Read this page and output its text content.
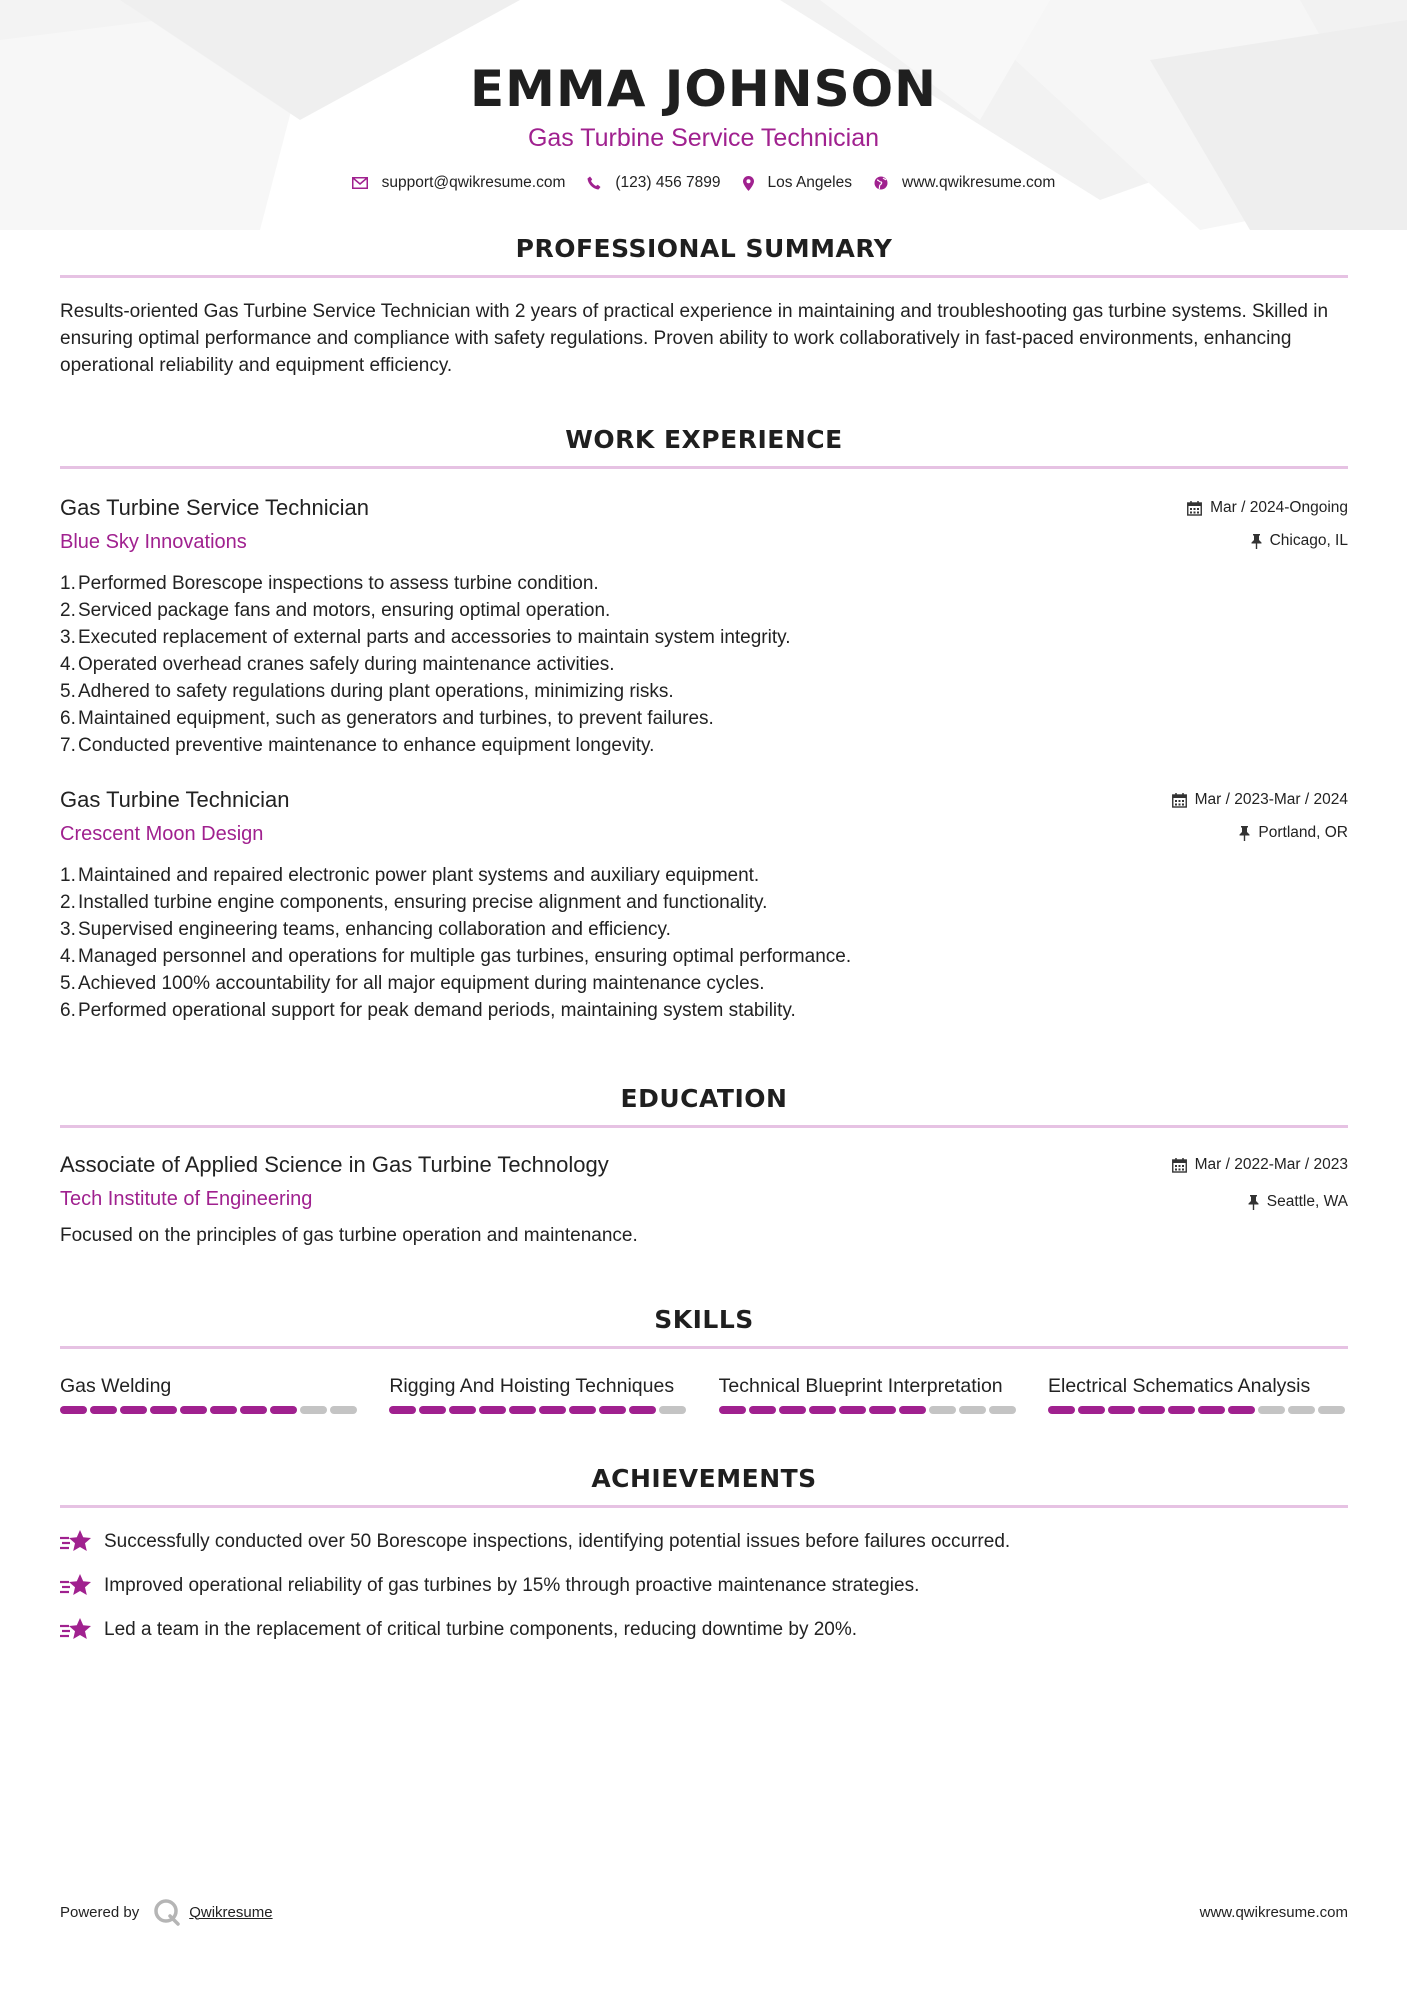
EMMA JOHNSON
Gas Turbine Service Technician
support@qwikresume.com	(123) 456 7899	Los Angeles	www.qwikresume.com
PROFESSIONAL SUMMARY

Results-oriented Gas Turbine Service Technician with 2 years of practical experience in maintaining and troubleshooting gas turbine systems. Skilled in ensuring optimal performance and compliance with safety regulations. Proven ability to work collaboratively in fast-paced environments, enhancing operational reliability and equipment efficiency.

WORK EXPERIENCE
Gas Turbine Service Technician
Blue Sky Innovations
Mar / 2024-Ongoing
Chicago, IL
1. Performed Borescope inspections to assess turbine condition.
2. Serviced package fans and motors, ensuring optimal operation.
3. Executed replacement of external parts and accessories to maintain system integrity.
4. Operated overhead cranes safely during maintenance activities.
5. Adhered to safety regulations during plant operations, minimizing risks.
6. Maintained equipment, such as generators and turbines, to prevent failures.
7. Conducted preventive maintenance to enhance equipment longevity.
Gas Turbine Technician
Crescent Moon Design
Mar / 2023-Mar / 2024
Portland, OR
1. Maintained and repaired electronic power plant systems and auxiliary equipment.
2. Installed turbine engine components, ensuring precise alignment and functionality.
3. Supervised engineering teams, enhancing collaboration and efficiency.
4. Managed personnel and operations for multiple gas turbines, ensuring optimal performance.
5. Achieved 100% accountability for all major equipment during maintenance cycles.
6. Performed operational support for peak demand periods, maintaining system stability.
EDUCATION
Associate of Applied Science in Gas Turbine Technology
Tech Institute of Engineering
Mar / 2022-Mar / 2023
Seattle, WA

Focused on the principles of gas turbine operation and maintenance.

SKILLS
Gas Welding	Rigging And Hoisting Techniques	Technical Blueprint Interpretation	Electrical Schematics Analysis
ACHIEVEMENTS
Successfully conducted over 50 Borescope inspections, identifying potential issues before failures occurred.
Improved operational reliability of gas turbines by 15% through proactive maintenance strategies.
Led a team in the replacement of critical turbine components, reducing downtime by 20%.
Powered by	Qwikresume	www.qwikresume.com
